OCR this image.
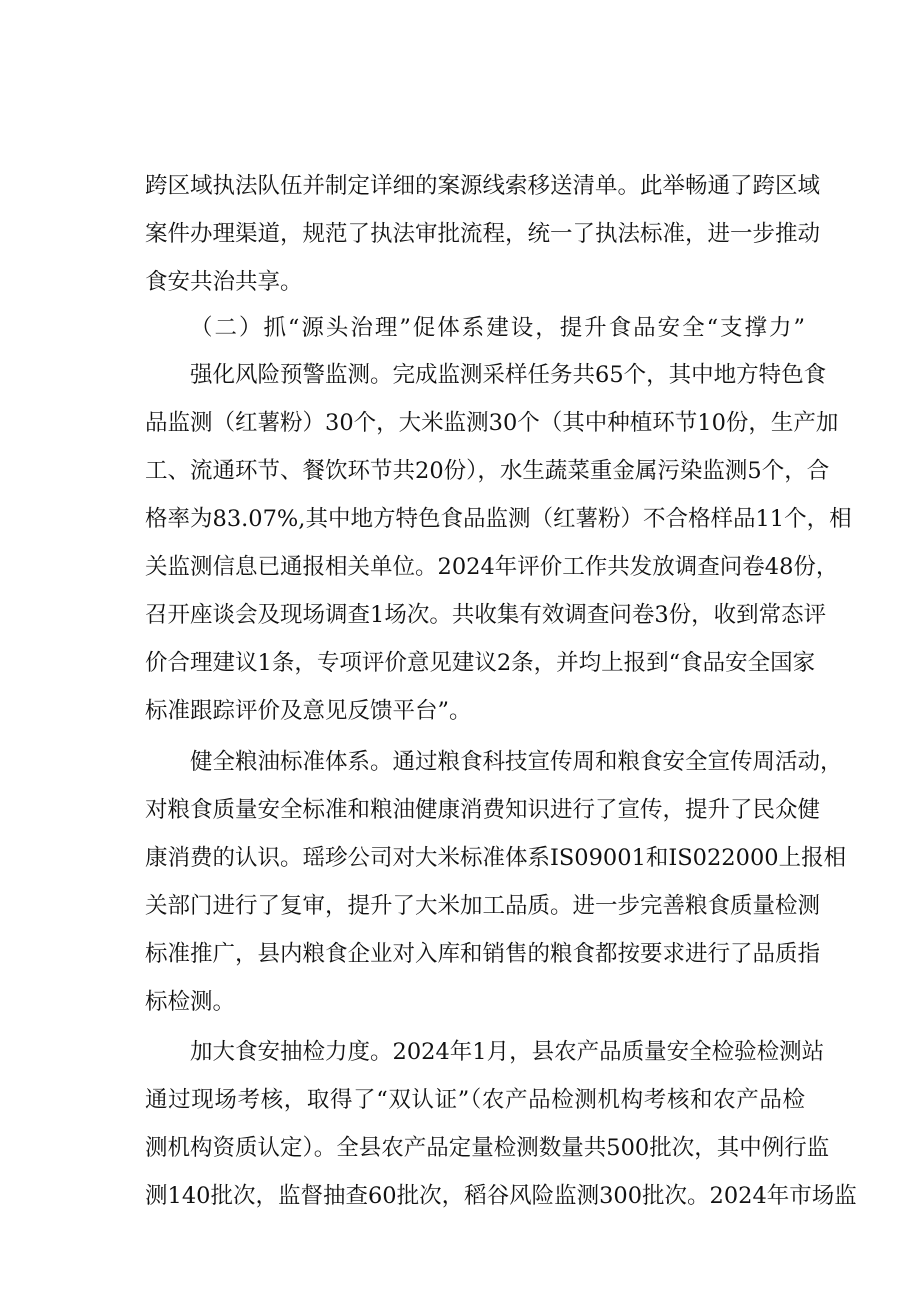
跨区域执法队伍并制定详细的案源线索移送清单。此举畅通了跨区域
案件办理渠道，规范了执法审批流程，统一了执法标准，进一步推动
食安共治共享。
（二）抓“源头治理”促体系建设，提升食品安全“支撑力”
强化风险预警监测。完成监测采样任务共65个，其中地方特色食
品监测（红薯粉）30个，大米监测30个（其中种植环节10份，生产加
工、流通环节、餐饮环节共20份），水生蔬菜重金属污染监测5个，合
格率为83.07%,其中地方特色食品监测（红薯粉）不合格样品11个，相
关监测信息已通报相关单位。2024年评价工作共发放调查问卷48份，
召开座谈会及现场调查1场次。共收集有效调查问卷3份，收到常态评
价合理建议1条，专项评价意见建议2条，并均上报到“食品安全国家
标准跟踪评价及意见反馈平台”。
健全粮油标准体系。通过粮食科技宣传周和粮食安全宣传周活动，
对粮食质量安全标准和粮油健康消费知识进行了宣传，提升了民众健
康消费的认识。瑶珍公司对大米标准体系IS09001和IS022000上报相
关部门进行了复审，提升了大米加工品质。进一步完善粮食质量检测
标准推广，县内粮食企业对入库和销售的粮食都按要求进行了品质指
标检测。
加大食安抽检力度。2024年1月，县农产品质量安全检验检测站
通过现场考核，取得了“双认证”（农产品检测机构考核和农产品检
测机构资质认定）。全县农产品定量检测数量共500批次，其中例行监
测140批次，监督抽查60批次，稻谷风险监测300批次。2024年市场监
